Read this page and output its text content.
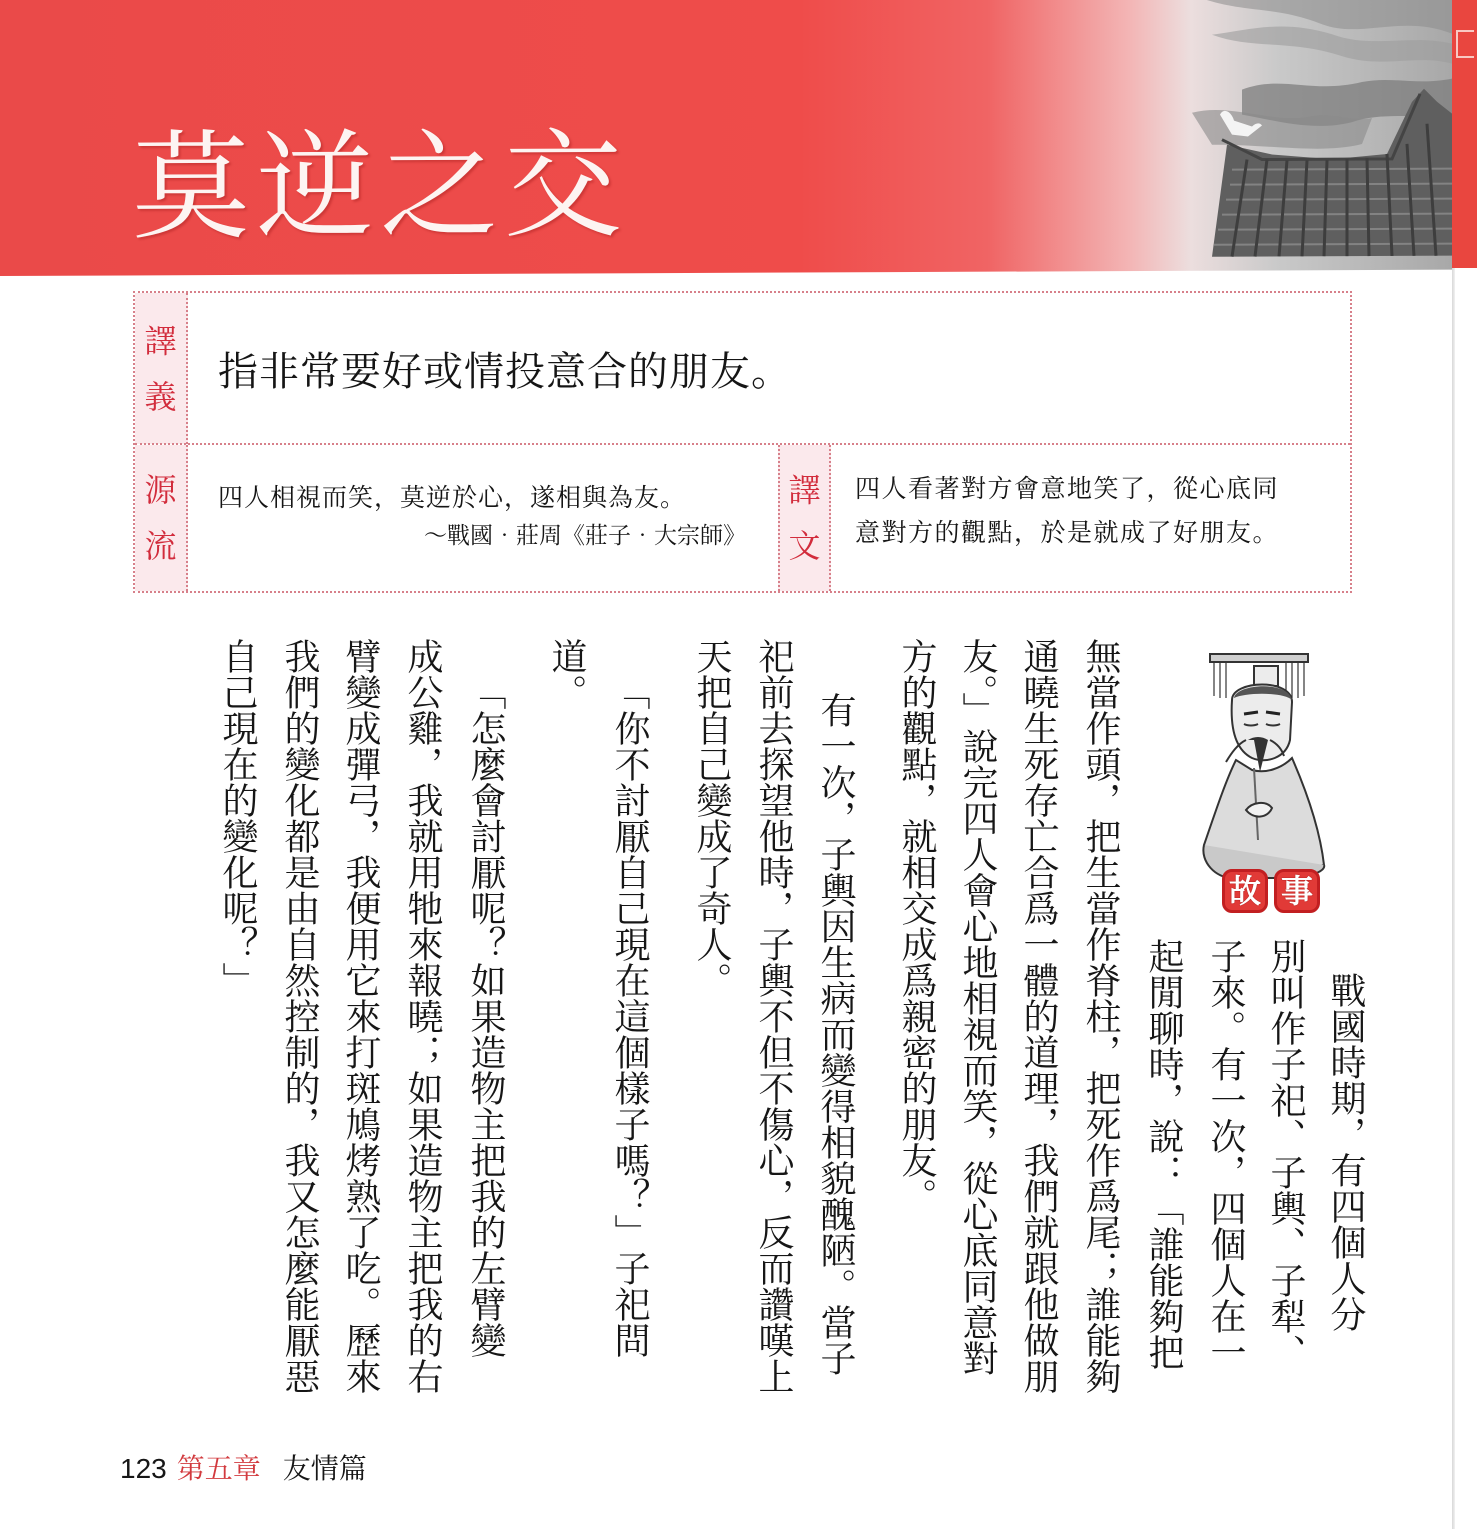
莫逆之交
譯
義
指非常要好或情投意合的朋友。
源
流
四人相視而笑，莫逆於心，遂相與為友。
～戰國‧莊周《莊子‧大宗師》
譯
文
四人看著對方會意地笑了，從心底同
意對方的觀點，於是就成了好朋友。
故 事
　戰國時期，有四個人分
別叫作子祀、子輿、子犁、
子來。有一次，四個人在一
起閒聊時，說：「誰能夠把
無當作頭，把生當作脊柱，把死作爲尾；誰能夠
通曉生死存亡合爲一體的道理，我們就跟他做朋
友。」說完四人會心地相視而笑，從心底同意對
方的觀點，就相交成爲親密的朋友。
　有一次，子輿因生病而變得相貌醜陋。當子
祀前去探望他時，子輿不但不傷心，反而讚嘆上
天把自己變成了奇人。
　「你不討厭自己現在這個樣子嗎？」子祀問
道。
　「怎麼會討厭呢？如果造物主把我的左臂變
成公雞，我就用牠來報曉；如果造物主把我的右
臂變成彈弓，我便用它來打斑鳩烤熟了吃。歷來
我們的變化都是由自然控制的，我又怎麼能厭惡
自己現在的變化呢？」
123 第五章 友情篇
